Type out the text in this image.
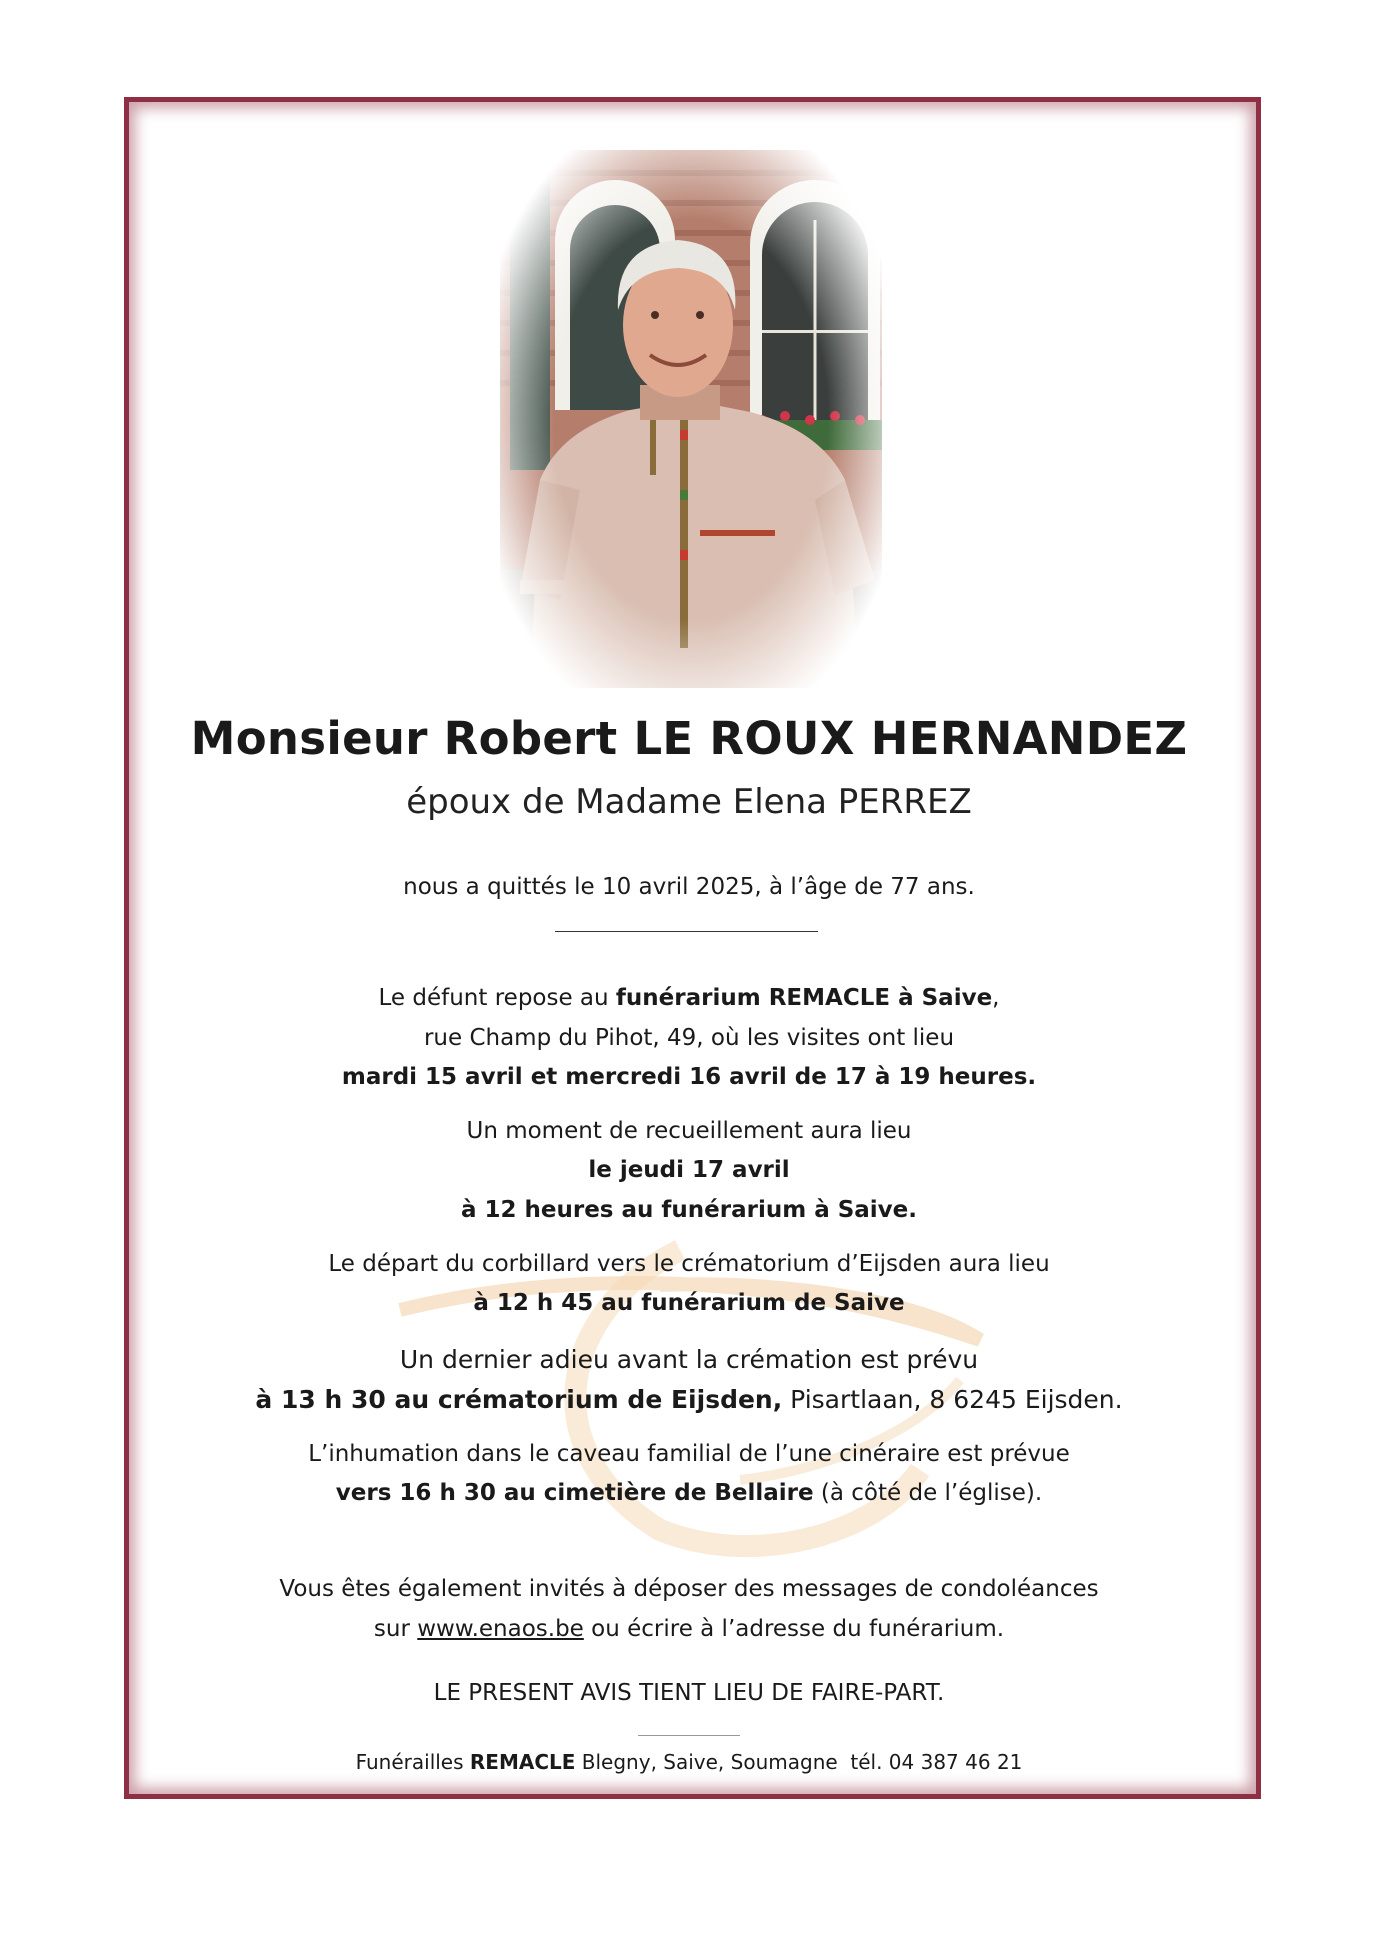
Monsieur Robert LE ROUX HERNANDEZ
époux de Madame Elena PERREZ
nous a quittés le 10 avril 2025, à l’âge de 77 ans.
Le défunt repose au funérarium REMACLE à Saive,
rue Champ du Pihot, 49, où les visites ont lieu
mardi 15 avril et mercredi 16 avril de 17 à 19 heures.
Un moment de recueillement aura lieu
le jeudi 17 avril
à 12 heures au funérarium à Saive.
Le départ du corbillard vers le crématorium d’Eijsden aura lieu
à 12 h 45 au funérarium de Saive
Un dernier adieu avant la crémation est prévu
à 13 h 30 au crématorium de Eijsden, Pisartlaan, 8 6245 Eijsden.
L’inhumation dans le caveau familial de l’une cinéraire est prévue
vers 16 h 30 au cimetière de Bellaire (à côté de l’église).
Vous êtes également invités à déposer des messages de condoléances
sur www.enaos.be ou écrire à l’adresse du funérarium.
LE PRESENT AVIS TIENT LIEU DE FAIRE-PART.
Funérailles REMACLE Blegny, Saive, Soumagne  tél. 04 387 46 21
